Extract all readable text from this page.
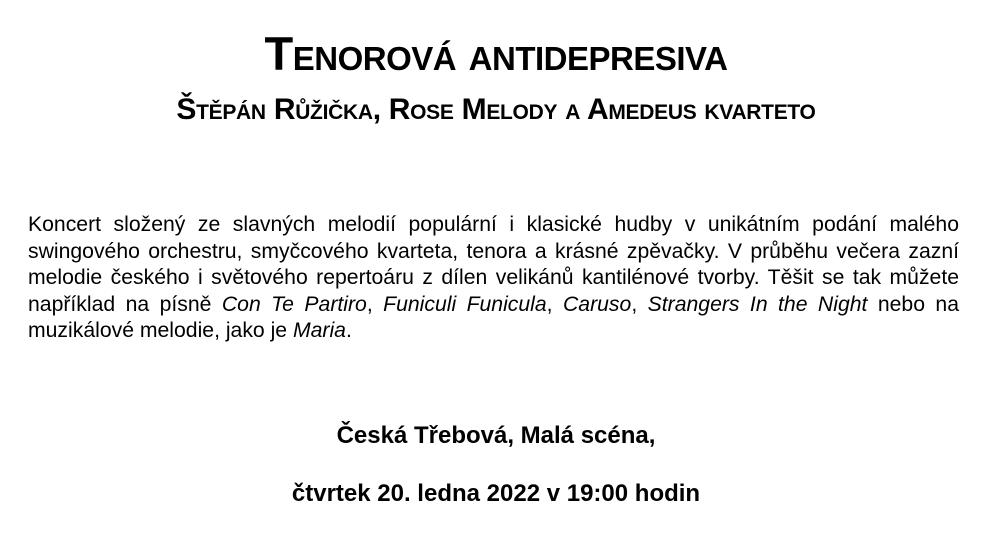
Tenorová antidepresiva
Štěpán Růžička, Rose Melody a Amedeus kvarteto
Koncert složený ze slavných melodií populární i klasické hudby v unikátním podání malého swingového orchestru, smyčcového kvarteta, tenora a krásné zpěvačky. V průběhu večera zazní melodie českého i světového repertoáru z dílen velikánů kantilénové tvorby. Těšit se tak můžete například na písně Con Te Partiro, Funiculi Funicula, Caruso, Strangers In the Night nebo na muzikálové melodie, jako je Maria.
Česká Třebová, Malá scéna,
čtvrtek 20. ledna 2022 v 19:00 hodin
